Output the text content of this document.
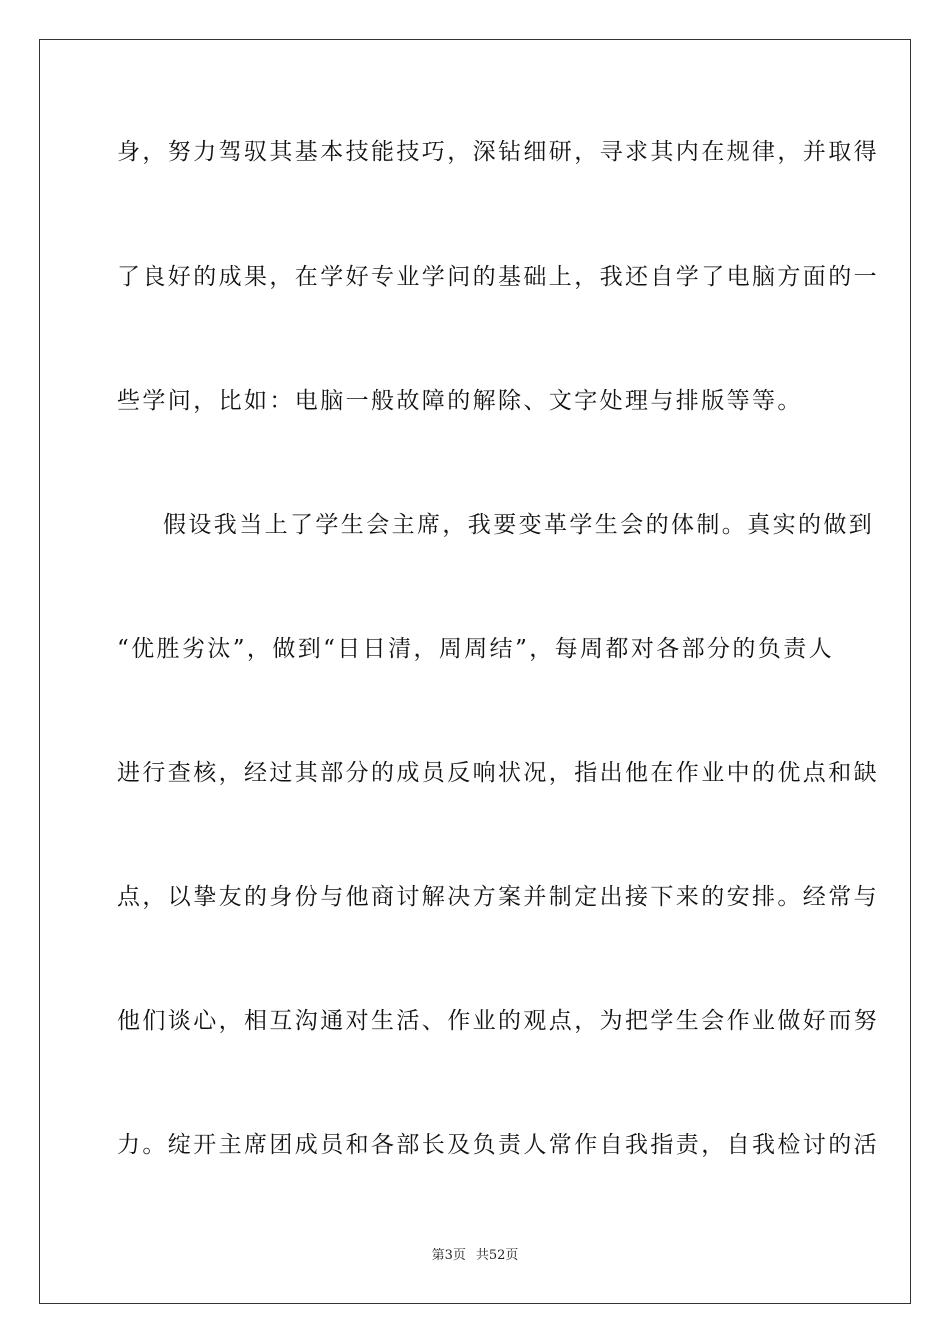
身，努力驾驭其基本技能技巧，深钻细研，寻求其内在规律，并取得
了良好的成果，在学好专业学问的基础上，我还自学了电脑方面的一
些学问，比如：电脑一般故障的解除、文字处理与排版等等。
假设我当上了学生会主席，我要变革学生会的体制。真实的做到
“优胜劣汰”，做到“日日清，周周结”，每周都对各部分的负责人
进行查核，经过其部分的成员反响状况，指出他在作业中的优点和缺
点，以挚友的身份与他商讨解决方案并制定出接下来的安排。经常与
他们谈心，相互沟通对生活、作业的观点，为把学生会作业做好而努
力。绽开主席团成员和各部长及负责人常作自我指责，自我检讨的活
第3页 共52页
